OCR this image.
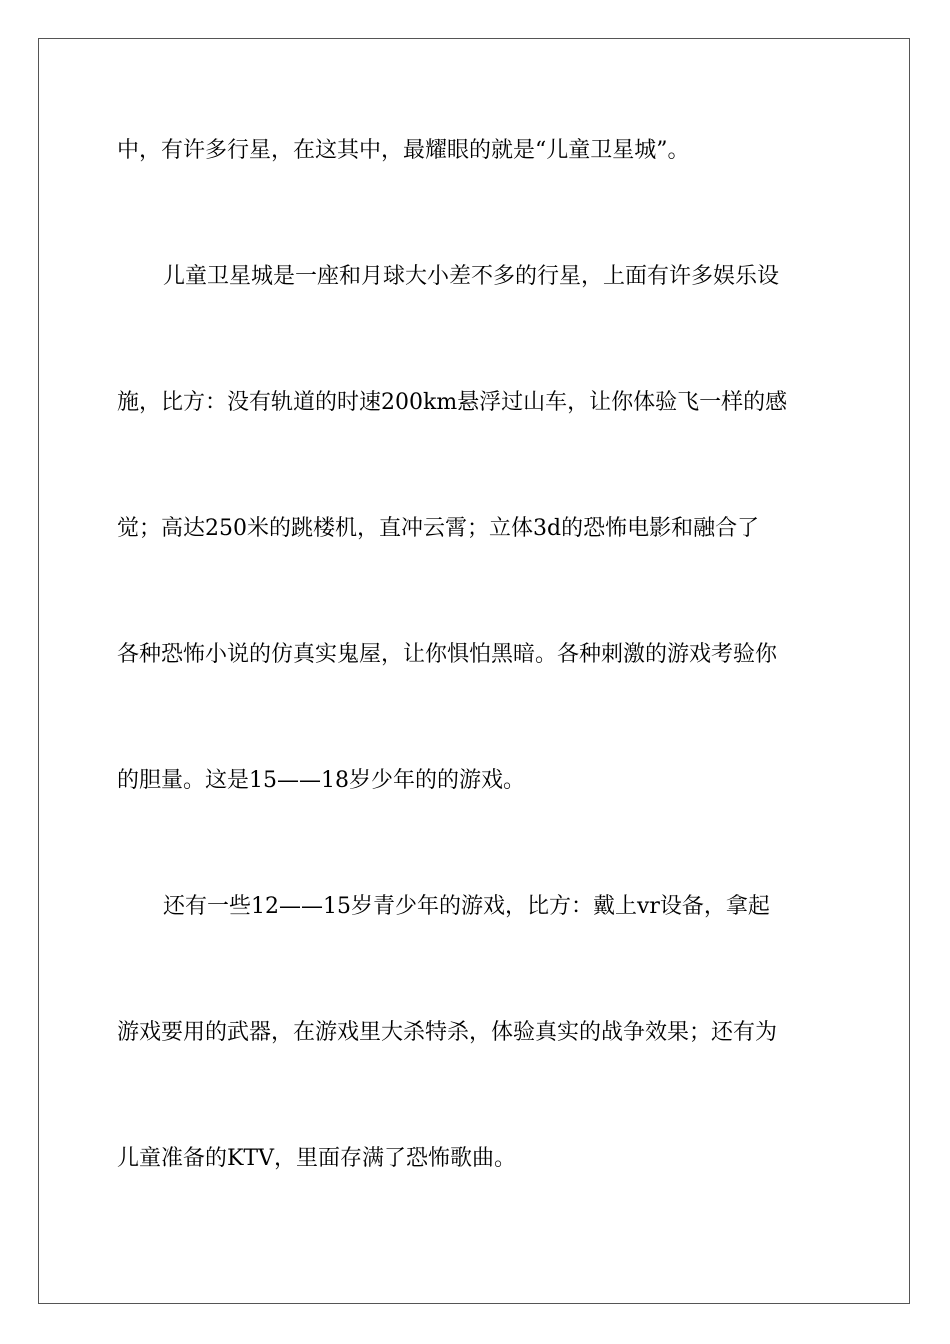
中，有许多行星，在这其中，最耀眼的就是“儿童卫星城”。
儿童卫星城是一座和月球大小差不多的行星，上面有许多娱乐设
施，比方：没有轨道的时速200km悬浮过山车，让你体验飞一样的感
觉；高达250米的跳楼机，直冲云霄；立体3d的恐怖电影和融合了
各种恐怖小说的仿真实鬼屋，让你惧怕黑暗。各种刺激的游戏考验你
的胆量。这是15——18岁少年的的游戏。
还有一些12——15岁青少年的游戏，比方：戴上vr设备，拿起
游戏要用的武器，在游戏里大杀特杀，体验真实的战争效果；还有为
儿童准备的KTV，里面存满了恐怖歌曲。
